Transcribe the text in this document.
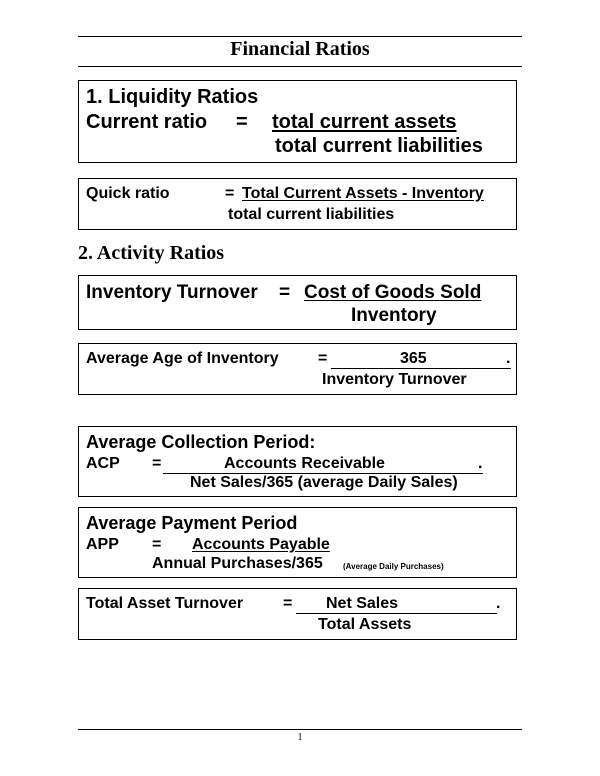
Financial Ratios
1. Liquidity Ratios
Current ratio = total current assets
total current liabilities
Quick ratio	= Total Current Assets - Inventory
total current liabilities
2. Activity Ratios
Inventory Turnover = Cost of Goods Sold
Inventory
Average Age of Inventory =	365	.
Inventory Turnover
Average Collection Period:
ACP =	Accounts Receivable	.
Net Sales/365 (average Daily Sales)
Average Payment Period
APP = Accounts Payable
Annual Purchases/365	(Average Daily Purchases)
Total Asset Turnover = Net Sales	.
Total Assets
1
